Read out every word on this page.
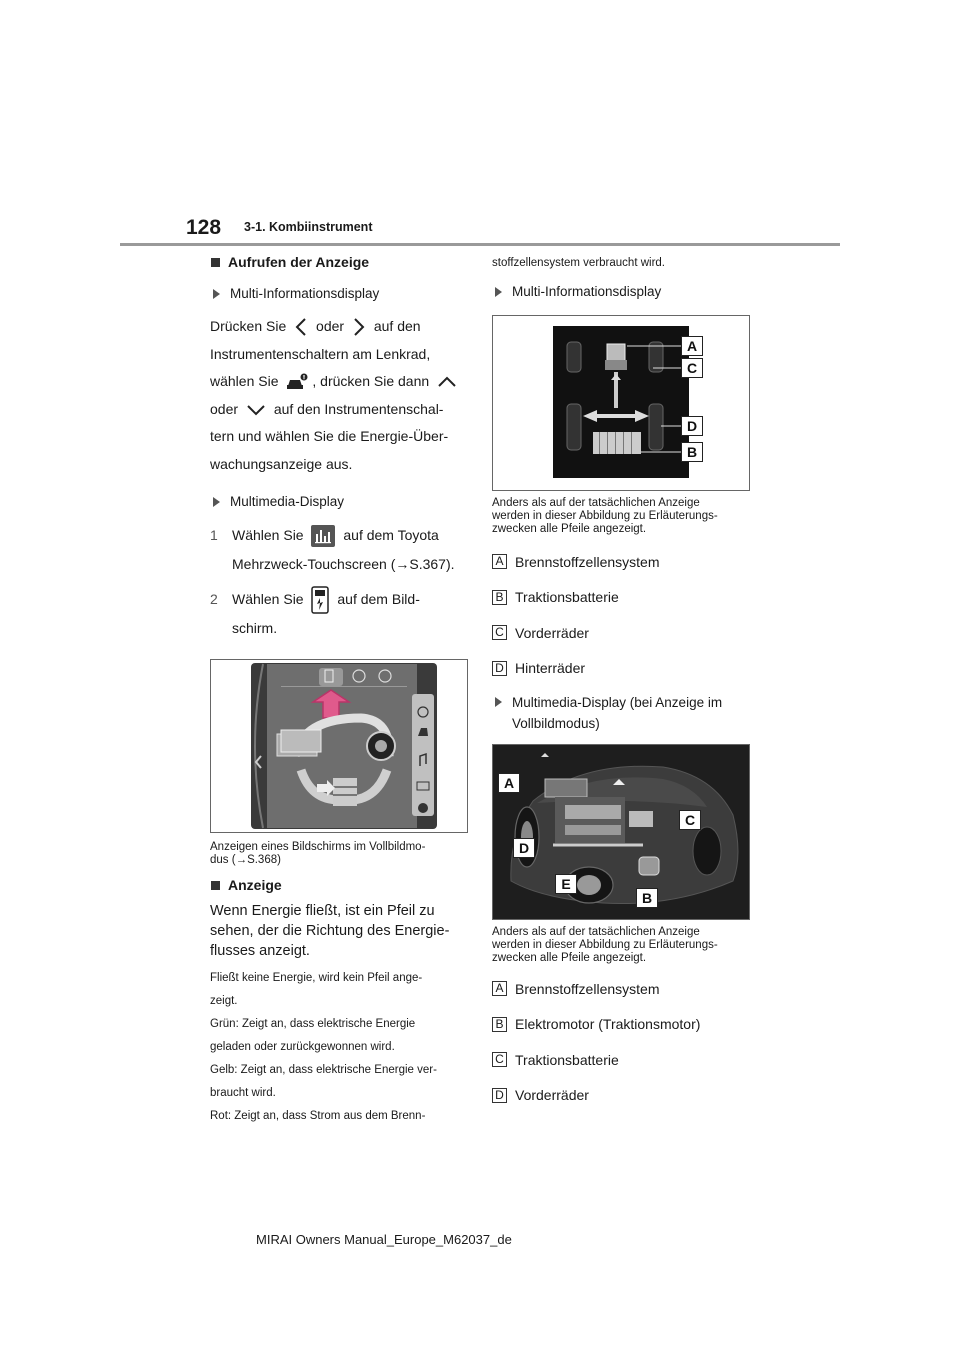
128 3-1. Kombiinstrument
Aufrufen der Anzeige
Multi-Informationsdisplay

Drücken Sie oder auf den
Instrumentenschaltern am Lenkrad,
wählen Sie , drücken Sie dann
oder	auf den Instrumentenschal-
tern und wählen Sie die Energie-Über-
wachungsanzeige aus.

Multimedia-Display
1	Wählen Sie	auf dem Toyota
Mehrzweck-Touchscreen (→S.367).
2	Wählen Sie auf dem Bild-
schirm.

Anzeigen eines Bildschirms im Vollbildmo-
dus (→S.368)

Anzeige

Wenn Energie fließt, ist ein Pfeil zu
sehen, der die Richtung des Energie-
flusses anzeigt.

Fließt keine Energie, wird kein Pfeil ange-
zeigt.
Grün: Zeigt an, dass elektrische Energie
geladen oder zurückgewonnen wird.
Gelb: Zeigt an, dass elektrische Energie ver-
braucht wird.
Rot: Zeigt an, dass Strom aus dem Brenn-

stoffzellensystem verbraucht wird.

Multi-Informationsdisplay
A
C
D
B

Anders als auf der tatsächlichen Anzeige
werden in dieser Abbildung zu Erläuterungs-
zwecken alle Pfeile angezeigt.

A Brennstoffzellensystem
B Traktionsbatterie
C Vorderräder
D Hinterräder
Multimedia-Display (bei Anzeige im
Vollbildmodus)
A
C
D
E
B

Anders als auf der tatsächlichen Anzeige
werden in dieser Abbildung zu Erläuterungs-
zwecken alle Pfeile angezeigt.

A Brennstoffzellensystem
B Elektromotor (Traktionsmotor)
C Traktionsbatterie
D Vorderräder
MIRAI Owners Manual_Europe_M62037_de
